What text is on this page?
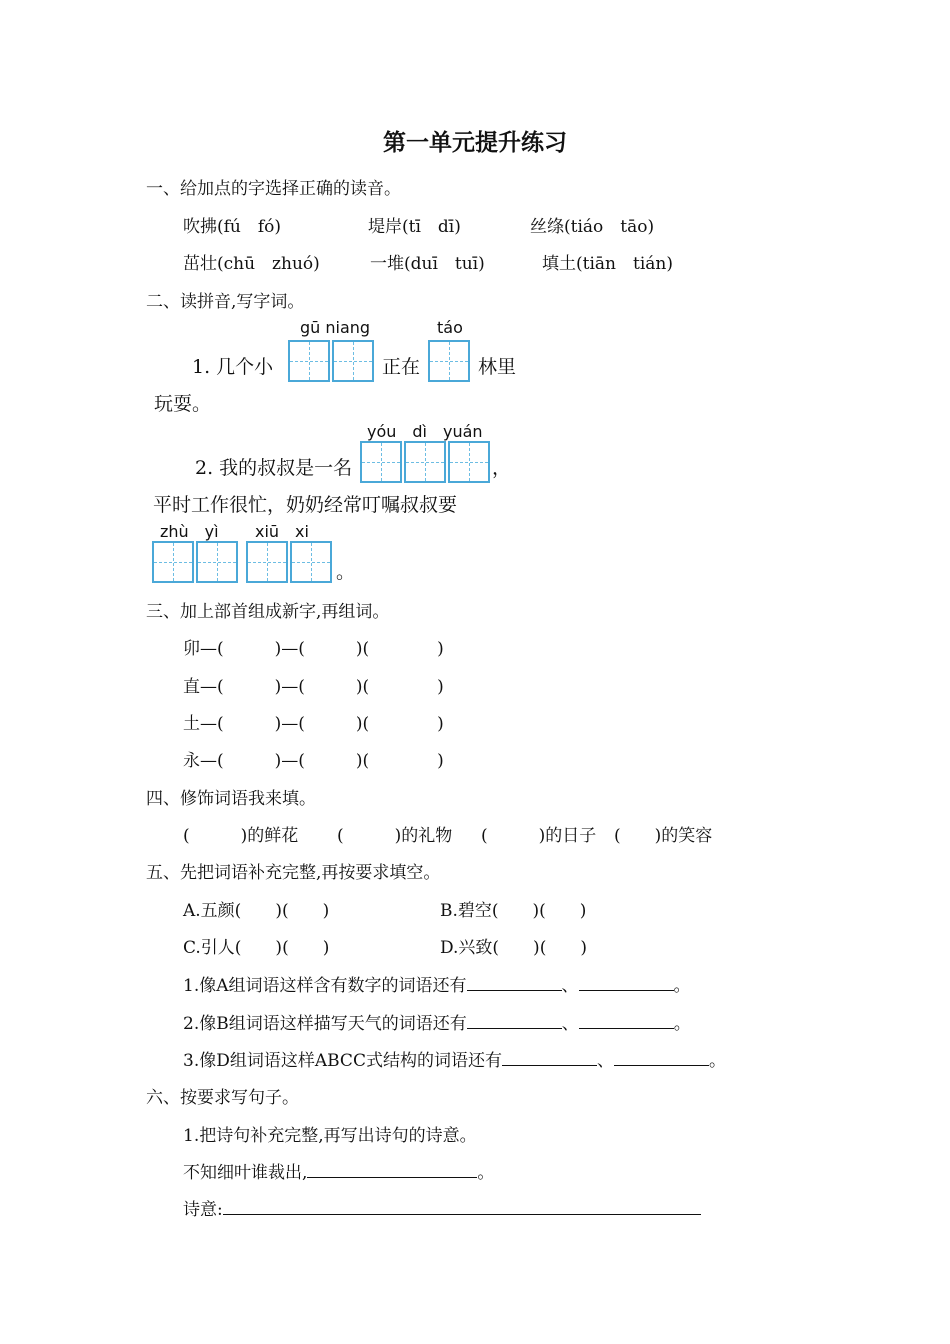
第一单元提升练习
一、给加点的字选择正确的读音。
吹拂(fú　fó)	堤岸(tī　dī)	丝绦(tiáo　tāo)
茁壮(chū　zhuó)	一堆(duī　tuī)	填土(tiān　tián)
二、读拼音,写字词。
gū niang	táo
1. 几个小	正在	林里
玩耍。
yóu　dì　yuán
2. 我的叔叔是一名	，
平时工作很忙，奶奶经常叮嘱叔叔要
zhù　yì xiū　xi
。
三、加上部首组成新字,再组词。
卯—(　　　)—(　　　)(　　　　)
直—(　　　)—(　　　)(　　　　)
土—(　　　)—(　　　)(　　　　)
永—(　　　)—(　　　)(　　　　)
四、修饰词语我来填。
(　　　)的鲜花 (　　　)的礼物 (　　　)的日子 (　　)的笑容
五、先把词语补充完整,再按要求填空。
A.五颜(　　)(　　)	B.碧空(　　)(　　)
C.引人(　　)(　　)	D.兴致(　　)(　　)
1.像A组词语这样含有数字的词语还有	、	。
2.像B组词语这样描写天气的词语还有	、	。
3.像D组词语这样ABCC式结构的词语还有	、	。
六、按要求写句子。
1.把诗句补充完整,再写出诗句的诗意。
不知细叶谁裁出,	。
诗意:
